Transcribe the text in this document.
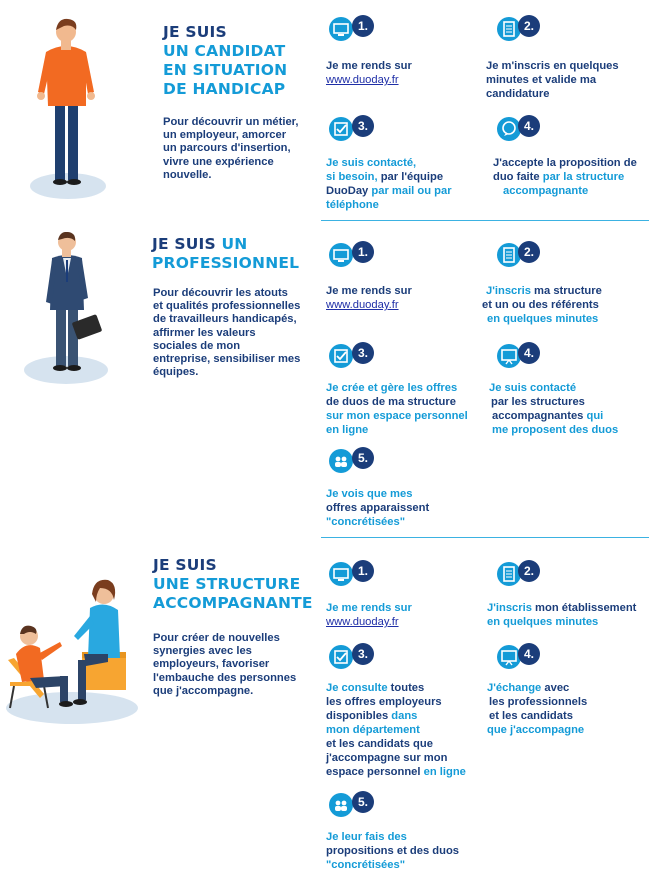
JE SUIS
UN CANDIDAT
EN SITUATION
DE HANDICAP
Pour découvrir un métier,
un employeur, amorcer
un parcours d'insertion,
vivre une expérience
nouvelle.
1.
Je me rends sur
www.duoday.fr
2.
Je m'inscris en quelques
minutes et valide ma
candidature
3.
Je suis contacté,
si besoin, par l'équipe
DuoDay par mail ou par
téléphone
4.
J'accepte la proposition de
duo faite par la structure
accompagnante
JE SUIS UN
PROFESSIONNEL
Pour découvrir les atouts
et qualités professionnelles
de travailleurs handicapés,
affirmer les valeurs
sociales de mon
entreprise, sensibiliser mes
équipes.
1.
Je me rends sur
www.duoday.fr
2.
J'inscris ma structure
et un ou des référents
en quelques minutes
3.
Je crée et gère les offres
de duos de ma structure
sur mon espace personnel
en ligne
4.
Je suis contacté
par les structures
accompagnantes qui
me proposent des duos
5.
Je vois que mes
offres apparaissent
"concrétisées"
JE SUIS
UNE STRUCTURE
ACCOMPAGNANTE
Pour créer de nouvelles
synergies avec les
employeurs, favoriser
l'embauche des personnes
que j'accompagne.
1.
Je me rends sur
www.duoday.fr
2.
J'inscris mon établissement
en quelques minutes
3.
Je consulte toutes
les offres employeurs
disponibles dans
mon département
et les candidats que
j'accompagne sur mon
espace personnel en ligne
4.
J'échange avec
les professionnels
et les candidats
que j'accompagne
5.
Je leur fais des
propositions et des duos
"concrétisées"
